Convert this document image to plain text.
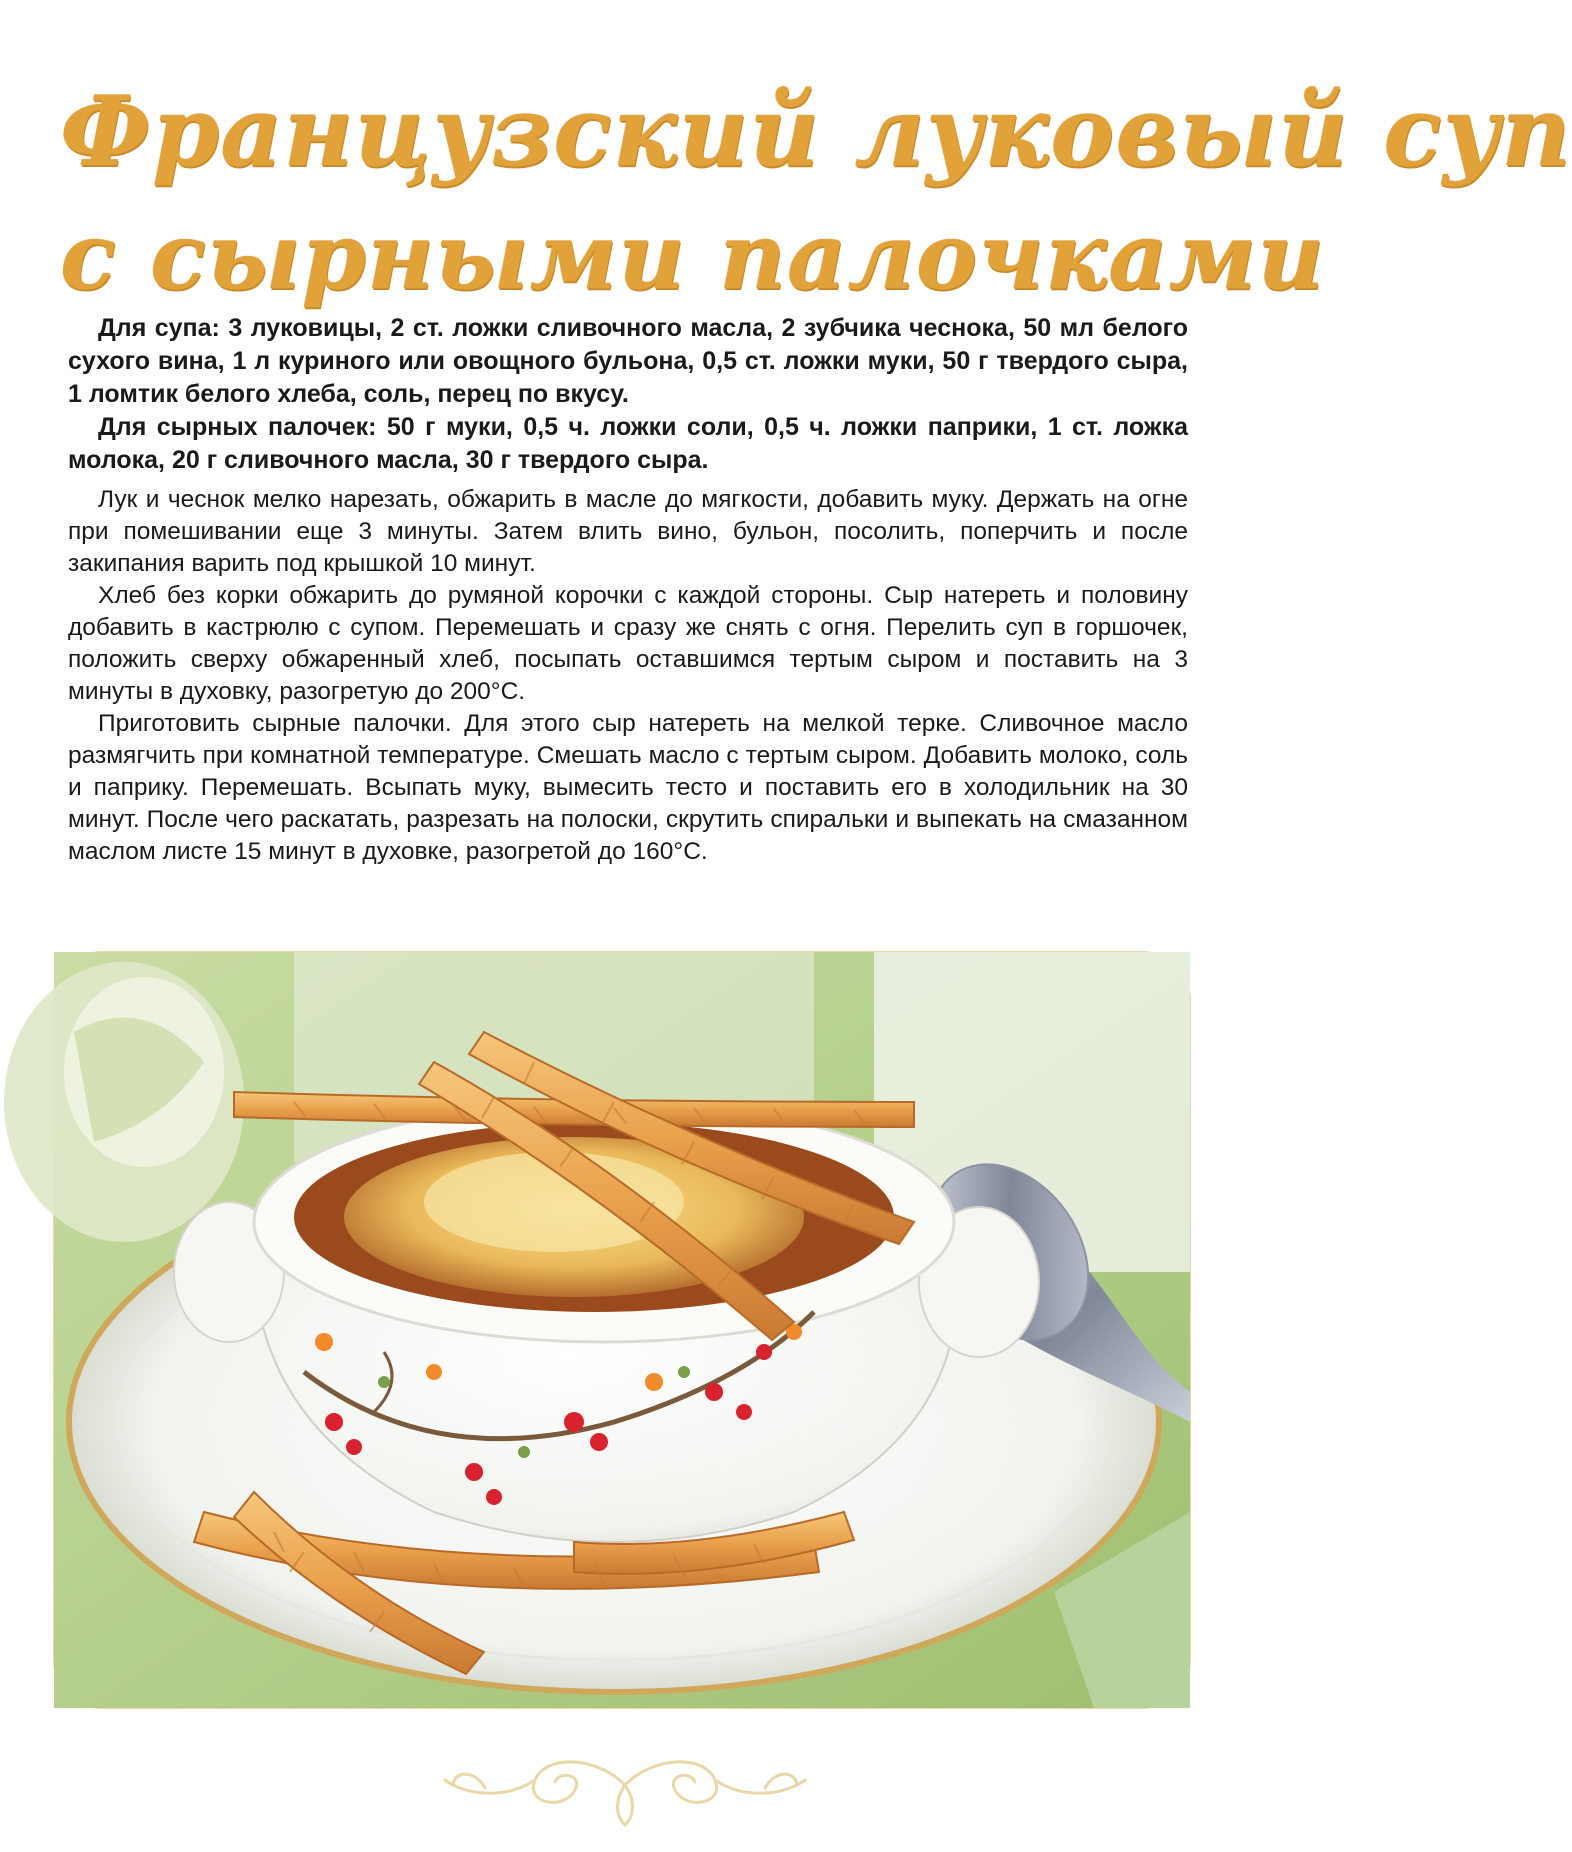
Французский луковый суп
с сырными палочками

Для супа: 3 луковицы, 2 ст. ложки сливочного масла, 2 зубчика чеснока, 50 мл белого сухого вина, 1 л куриного или овощного бульона, 0,5 ст. ложки муки, 50 г твердого сыра, 1 ломтик белого хлеба, соль, перец по вкусу.

Для сырных палочек: 50 г муки, 0,5 ч. ложки соли, 0,5 ч. ложки паприки, 1 ст. ложка молока, 20 г сливочного масла, 30 г твердого сыра.

Лук и чеснок мелко нарезать, обжарить в масле до мягкости, добавить муку. Держать на огне при помешивании еще 3 минуты. Затем влить вино, бульон, посолить, поперчить и после закипания варить под крышкой 10 минут.

Хлеб без корки обжарить до румяной корочки с каждой стороны. Сыр натереть и половину добавить в кастрюлю с супом. Перемешать и сразу же снять с огня. Перелить суп в горшочек, положить сверху обжаренный хлеб, посыпать оставшимся тертым сыром и поставить на 3 минуты в духовку, разогретую до 200°С.

Приготовить сырные палочки. Для этого сыр натереть на мелкой терке. Сливочное масло размягчить при комнатной температуре. Смешать масло с тертым сыром. Добавить молоко, соль и паприку. Перемешать. Всыпать муку, вымесить тесто и поставить его в холодильник на 30 минут. После чего раскатать, разрезать на полоски, скрутить спиральки и выпекать на смазанном маслом листе 15 минут в духовке, разогретой до 160°С.
